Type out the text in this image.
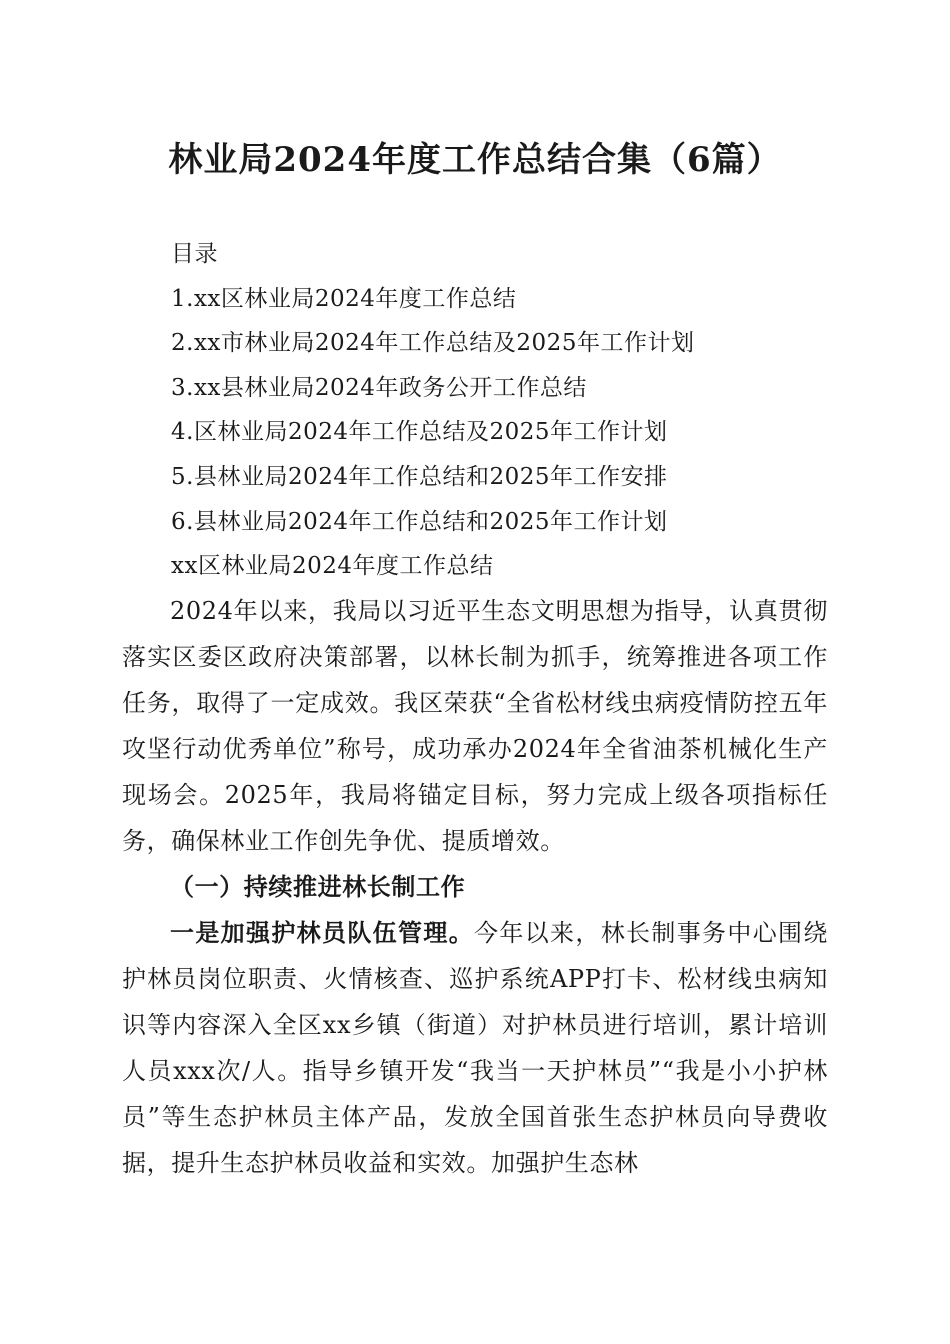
林业局2024年度工作总结合集（6篇）
目录
1.xx区林业局2024年度工作总结
2.xx市林业局2024年工作总结及2025年工作计划
3.xx县林业局2024年政务公开工作总结
4.区林业局2024年工作总结及2025年工作计划
5.县林业局2024年工作总结和2025年工作安排
6.县林业局2024年工作总结和2025年工作计划
xx区林业局2024年度工作总结

2024年以来，我局以习近平生态文明思想为指导，认真贯彻落实区委区政府决策部署，以林长制为抓手，统筹推进各项工作任务，取得了一定成效。我区荣获“全省松材线虫病疫情防控五年攻坚行动优秀单位”称号，成功承办2024年全省油茶机械化生产现场会。2025年，我局将锚定目标，努力完成上级各项指标任务，确保林业工作创先争优、提质增效。

（一）持续推进林长制工作

一是加强护林员队伍管理。今年以来，林长制事务中心围绕护林员岗位职责、火情核查、巡护系统APP打卡、松材线虫病知识等内容深入全区xx乡镇（街道）对护林员进行培训，累计培训人员xxx次/人。指导乡镇开发“我当一天护林员”“我是小小护林员”等生态护林员主体产品，发放全国首张生态护林员向导费收据，提升生态护林员收益和实效。加强护生态林
